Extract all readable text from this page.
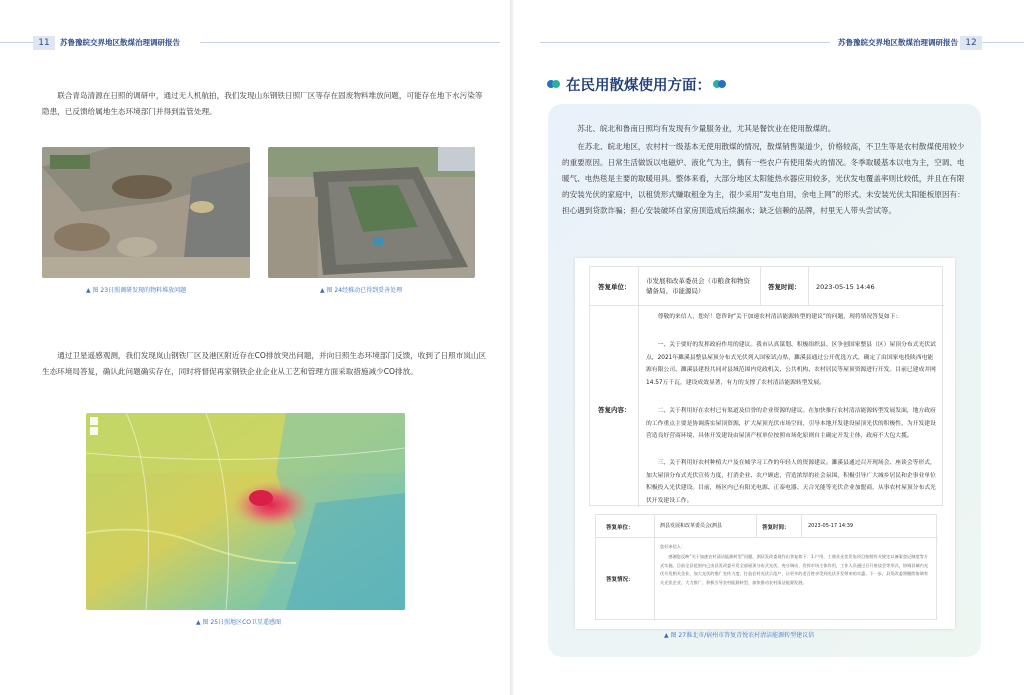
11	苏鲁豫皖交界地区散煤治理调研报告
联合青岛清源在日照的调研中，通过无人机航拍，我们发现山东钢铁日照厂区等存在固废物料堆放问题，可能存在地下水污染等隐患，已反馈给属地生态环境部门并得到监管处理。
▲ 图 23日照调研发现的物料堆放问题	▲ 图 24经推动已得到妥善处理
通过卫星遥感观测，我们发现岚山钢铁厂区及港区附近存在CO排放突出问题，并向日照生态环境部门反馈，收到了日照市岚山区生态环境局答复，确认此问题确实存在，同时将督促再家钢铁企业企业从工艺和管理方面采取措施减少CO排放。
▲ 图 25日照地区CO卫星遥感图
苏鲁豫皖交界地区散煤治理调研报告 12
在民用散煤使用方面：
苏北、皖北和鲁南日照均有发现有少量服务业，尤其是餐饮业在使用散煤的。
在苏北、皖北地区，农村村一级基本无使用散煤的情况，散煤销售渠道少，价格较高，不卫生等是农村散煤使用较少的重要原因。日常生活做饭以电磁炉、液化气为主，偶有一些农户有使用柴火的情况。冬季取暖基本以电为主，空调、电暖气、电热毯是主要的取暖用具。整体来看，大部分地区太阳能热水器应用较多，光伏发电覆盖率则比较低，并且在有限的安装光伏的家庭中，以租赁形式赚取租金为主，很少采用“发电自用，余电上网”的形式。未安装光伏太阳能板原因有：担心遇到贷款诈骗；担心安装破坏自家房顶造成后续漏水；缺乏信赖的品牌，村里无人带头尝试等。
答复单位：
市发展和改革委员会（市粮食和物资储备局、市能源局）	答复时间： 2023-05-15 14:46
答复内容：
尊敬的来信人，您好！您咨询“关于加速农村清洁能源转型的建议”的问题，现将情况答复如下：
一、关于要好的发挥政府作用的建议。我市认真谋划、积极组织县、区争创国家整县（区）屋顶分布式光伏试点，2021年濉溪县整县屋顶分布式光伏列入国家试点県，濉溪县通过公开优选方式，确定了由国家电投陕西电能源有限公司、濉溪县建投共同对县域范围内党政机关、公共机构、农村居民等屋顶资源进行开发。目前已建成并网14.57万千瓦，建设成效显著，有力的支撑了农村清洁能源转型发展。
二、关于利用好在农村已有渠道及信誉的企业资源的建议。在加快推行农村清洁能源转型发展发面，地方政府的工作重点主要是协调落实屋顶资源，扩大屋顶光伏市场空间，引导本地开发建设屋顶光伏的积极性，为开发建设营造良好营商环境，具体开发建设由屋顶产权单位按照市场化原则自主确定开发主体，政府不大包大揽。
三、关于利用好农村种植大户及在城学习工作的年轻人的资源建议。濉溪县通过召开现场会、座谈会等形式，加大屋顶分布式光伏宣传力度，打消企业、农户顾虑，营造浓厚的社会氛围，积极引导广大城乡居民和企事业单位积极投入光伏建设。目前，杨区内已有阳光电源、正泰电器、天合光能等光伏企业加盟商，从事农村屋顶分布式光伏开发建设工作。
答复单位：	泗县发展和改革委员会(泗县	答复时间：	2023-05-17 14:39
答复情况：
您好来信人：
感谢您反映“关于加速农村清洁能源转型”问题，泗县发改委现作出答复如下：1.户用、工商业光伏发电项目按照有关规定以备案登记制度等方式实施。目前全县范围内已由县发改委开发全部屋顶分布式光伏。充分调动、发挥市场主体作用，工作人员通过召开座谈会等形式，协调县域内光伏开发相关企业，加大光伏的推广宣传力度，打造农村光伏示范户，让更多的老百姓享受到光伏开发带来的实惠。下一步，县发改委将继续协调有关光伏企业，大力推广，积极引导农村能源转型，加快推动农村清洁能源发展。
▲ 图 27淮北市/宿州市答复青悦农村清洁能源转型建议信
